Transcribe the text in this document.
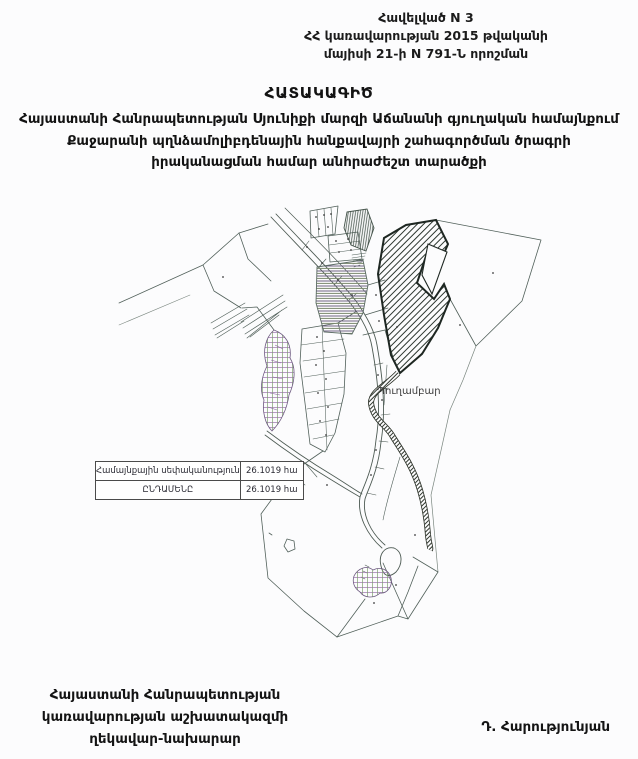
Հավելված N 3
ՀՀ կառավարության 2015 թվականի
մայիսի 21-ի N 791-Ն որոշման
ՀԱՏԱԿԱԳԻԾ
Հայաստանի Հանրապետության Սյունիքի մարզի Աճանանի գյուղական համայնքում
Քաջարանի պղնձամոլիբդենային հանքավայրի շահագործման ծրագրի
իրականացման համար անհրաժեշտ տարածքի
Պուղամբար
Համայնքային սեփականություն	26.1019 հա
ԸՆԴԱՄԵՆԸ	26.1019 հա
Հայաստանի Հանրապետության
կառավարության աշխատակազմի
ղեկավար-նախարար
Դ. Հարությունյան
